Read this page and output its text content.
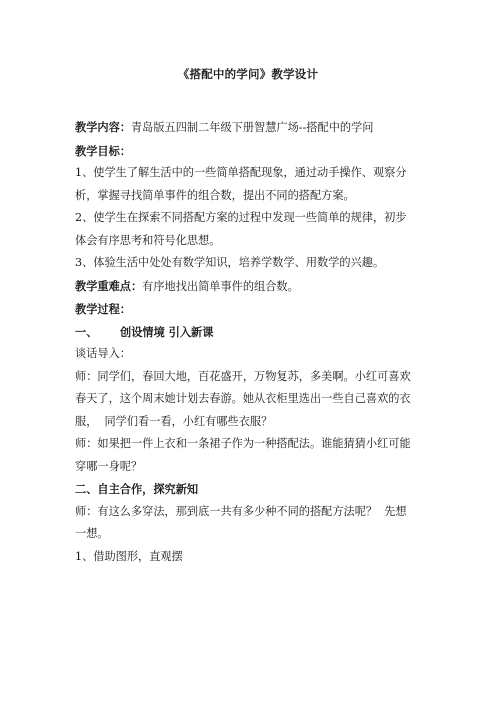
《搭配中的学问》教学设计

教学内容：青岛版五四制二年级下册智慧广场--搭配中的学问

教学目标：

1、使学生了解生活中的一些简单搭配现象，通过动手操作、观察分

析，掌握寻找简单事件的组合数，提出不同的搭配方案。

2、使学生在探索不同搭配方案的过程中发现一些简单的规律，初步

体会有序思考和符号化思想。

3、体验生活中处处有数学知识，培养学数学、用数学的兴趣。

教学重难点：有序地找出简单事件的组合数。

教学过程：

一、 创设情境 引入新课

谈话导入：

师：同学们，春回大地，百花盛开，万物复苏，多美啊。小红可喜欢

春天了，这个周末她计划去春游。她从衣柜里选出一些自己喜欢的衣

服，  同学们看一看，小红有哪些衣服？

师：如果把一件上衣和一条裙子作为一种搭配法。谁能猜猜小红可能

穿哪一身呢？

二、自主合作，探究新知

师：有这么多穿法，那到底一共有多少种不同的搭配方法呢？  先想

一想。

1、借助图形，直观摆
